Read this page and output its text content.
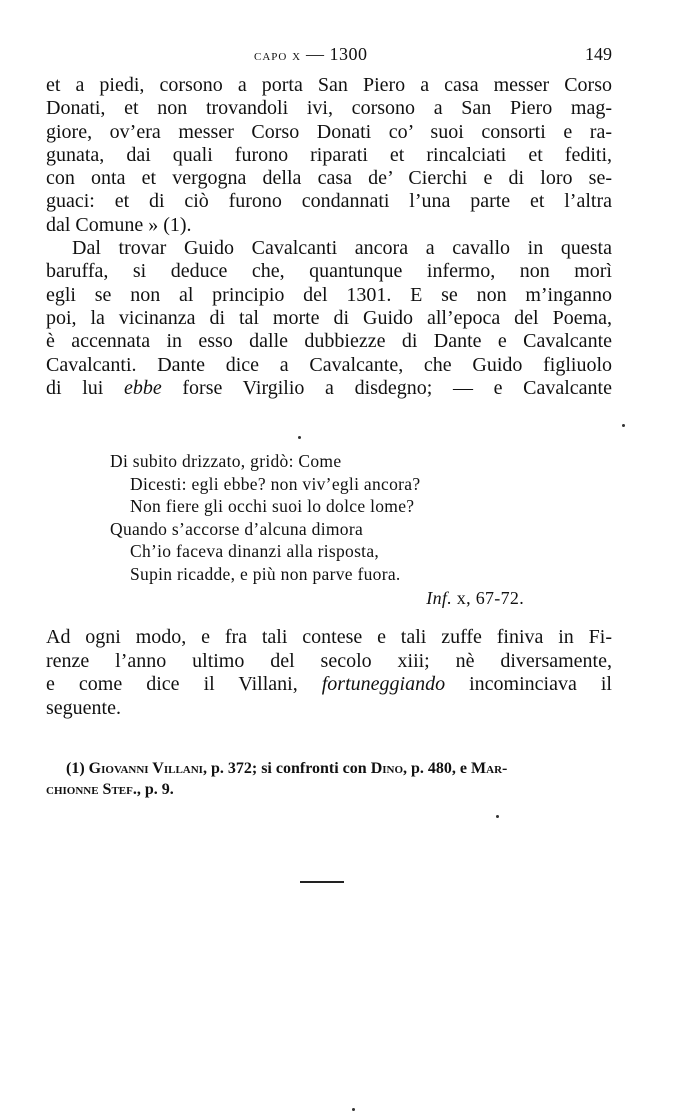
capo x — 1300	149
et a piedi, corsono a porta San Piero a casa messer Corso
Donati, et non trovandoli ivi, corsono a San Piero mag-
giore, ov’era messer Corso Donati co’ suoi consorti e ra-
gunata, dai quali furono riparati et rincalciati et fediti,
con onta et vergogna della casa de’ Cierchi e di loro se-
guaci: et di ciò furono condannati l’una parte et l’altra
dal Comune » (1).
Dal trovar Guido Cavalcanti ancora a cavallo in questa
baruffa, si deduce che, quantunque infermo, non morì
egli se non al principio del 1301. E se non m’inganno
poi, la vicinanza di tal morte di Guido all’epoca del Poema,
è accennata in esso dalle dubbiezze di Dante e Cavalcante
Cavalcanti. Dante dice a Cavalcante, che Guido figliuolo
di lui ebbe forse Virgilio a disdegno; — e Cavalcante
Di subito drizzato, gridò: Come
Dicesti: egli ebbe? non viv’egli ancora?
Non fiere gli occhi suoi lo dolce lome?
Quando s’accorse d’alcuna dimora
Ch’io faceva dinanzi alla risposta,
Supin ricadde, e più non parve fuora.
Inf. x, 67-72.
Ad ogni modo, e fra tali contese e tali zuffe finiva in Fi-
renze l’anno ultimo del secolo xiii; nè diversamente,
e come dice il Villani, fortuneggiando incominciava il
seguente.
(1) Giovanni Villani, p. 372; si confronti con Dino, p. 480, e Mar-
chionne Stef., p. 9.
